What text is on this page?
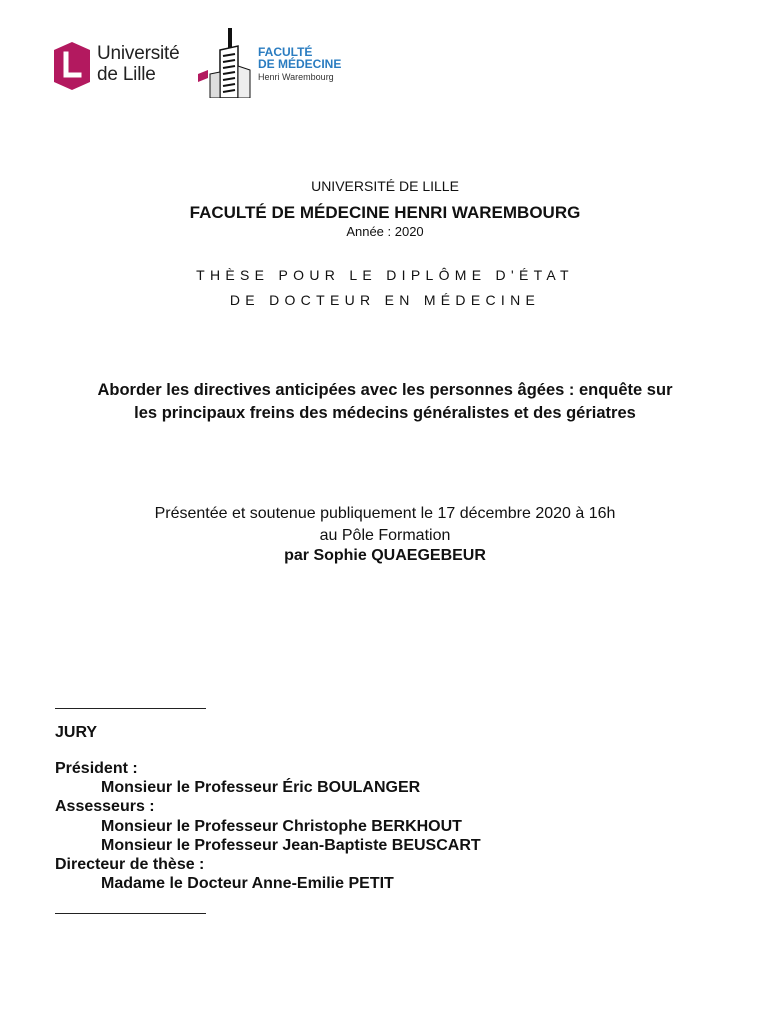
Université
de Lille
FACULTÉ
DE MÉDECINE
Henri Warembourg
UNIVERSITÉ DE LILLE
FACULTÉ DE MÉDECINE HENRI WAREMBOURG
Année : 2020
THÈSE POUR LE DIPLÔME D'ÉTAT
DE DOCTEUR EN MÉDECINE
Aborder les directives anticipées avec les personnes âgées : enquête sur
les principaux freins des médecins généralistes et des gériatres
Présentée et soutenue publiquement le 17 décembre 2020 à 16h
au Pôle Formation
par Sophie QUAEGEBEUR
JURY
Président :
Monsieur le Professeur Éric BOULANGER
Assesseurs :
Monsieur le Professeur Christophe BERKHOUT
Monsieur le Professeur Jean-Baptiste BEUSCART
Directeur de thèse :
Madame le Docteur Anne-Emilie PETIT
